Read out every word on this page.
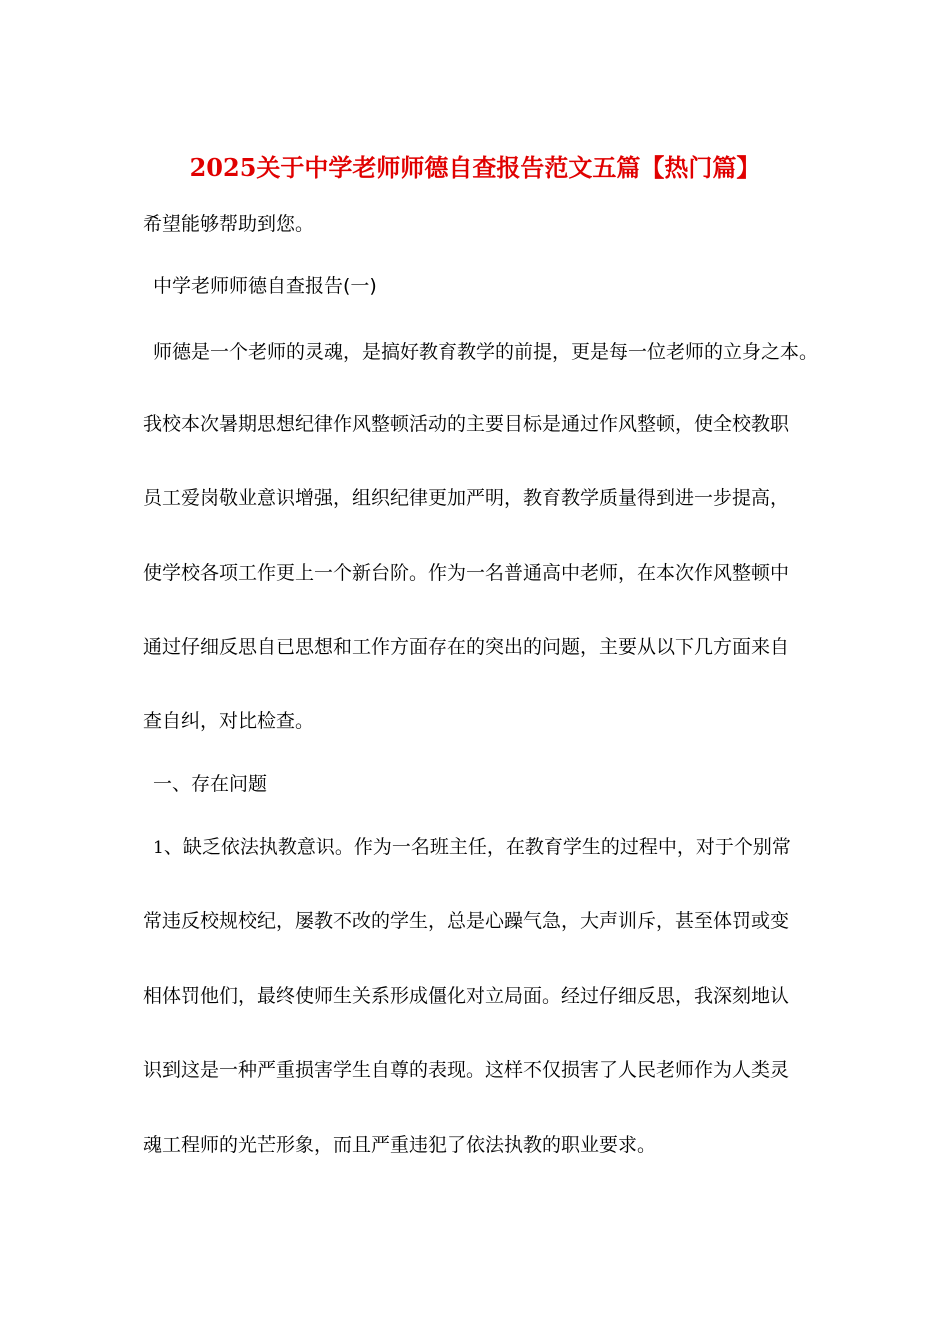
2025关于中学老师师德自查报告范文五篇【热门篇】
希望能够帮助到您。
中学老师师德自查报告(一)
师德是一个老师的灵魂，是搞好教育教学的前提，更是每一位老师的立身之本。
我校本次暑期思想纪律作风整顿活动的主要目标是通过作风整顿，使全校教职
员工爱岗敬业意识增强，组织纪律更加严明，教育教学质量得到进一步提高，
使学校各项工作更上一个新台阶。作为一名普通高中老师，在本次作风整顿中
通过仔细反思自已思想和工作方面存在的突出的问题，主要从以下几方面来自
查自纠，对比检查。
一、存在问题
1、缺乏依法执教意识。作为一名班主任，在教育学生的过程中，对于个别常
常违反校规校纪，屡教不改的学生，总是心躁气急，大声训斥，甚至体罚或变
相体罚他们，最终使师生关系形成僵化对立局面。经过仔细反思，我深刻地认
识到这是一种严重损害学生自尊的表现。这样不仅损害了人民老师作为人类灵
魂工程师的光芒形象，而且严重违犯了依法执教的职业要求。
